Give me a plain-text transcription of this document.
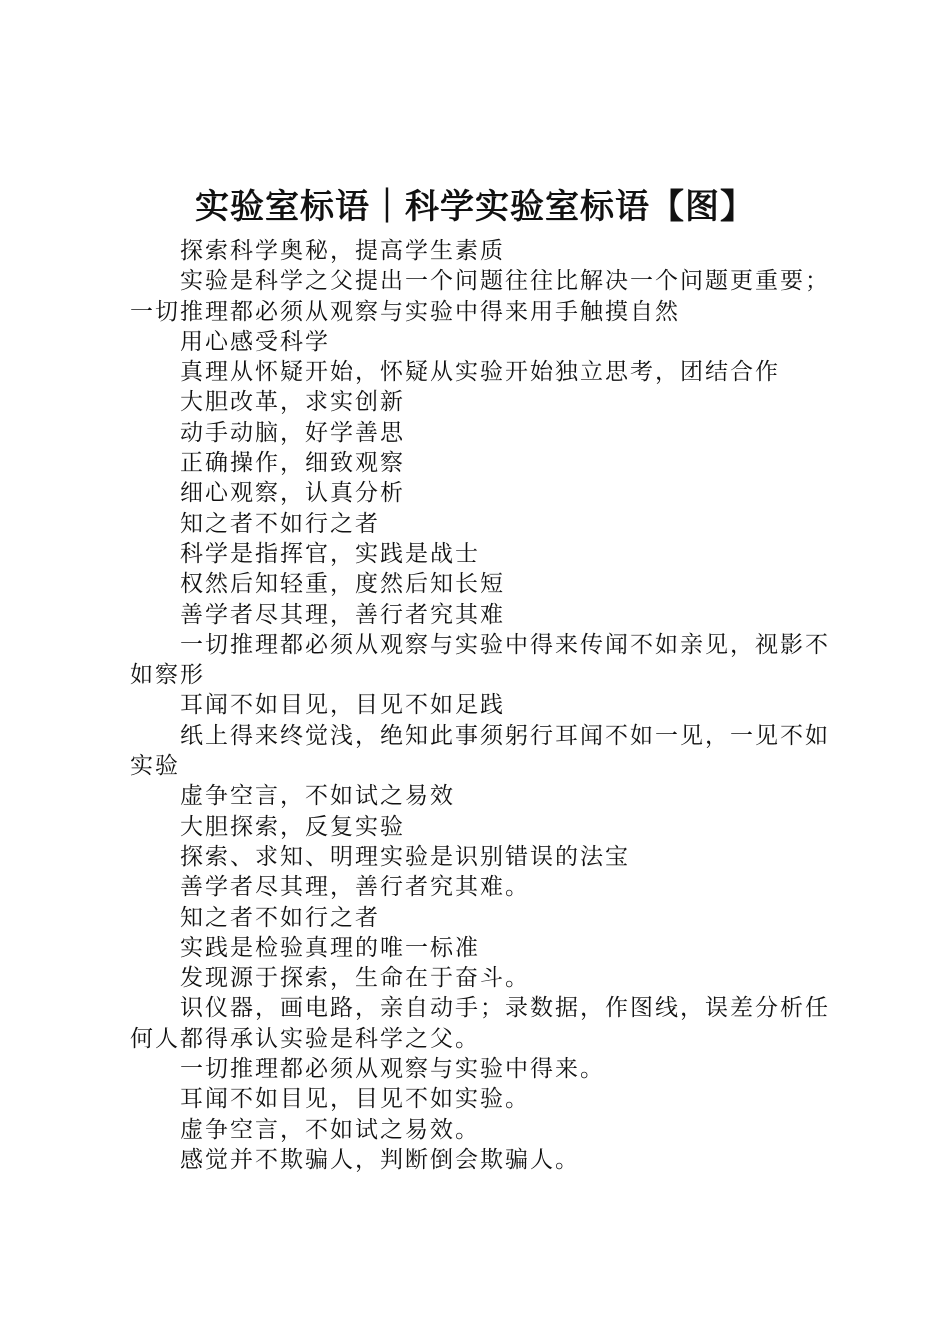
实验室标语｜科学实验室标语【图】

探索科学奥秘，提高学生素质

实验是科学之父提出一个问题往往比解决一个问题更重要；一切推理都必须从观察与实验中得来用手触摸自然

用心感受科学

真理从怀疑开始，怀疑从实验开始独立思考，团结合作

大胆改革，求实创新

动手动脑，好学善思

正确操作，细致观察

细心观察，认真分析

知之者不如行之者

科学是指挥官，实践是战士

权然后知轻重，度然后知长短

善学者尽其理，善行者究其难

一切推理都必须从观察与实验中得来传闻不如亲见，视影不如察形

耳闻不如目见，目见不如足践

纸上得来终觉浅，绝知此事须躬行耳闻不如一见，一见不如实验

虚争空言，不如试之易效

大胆探索，反复实验

探索、求知、明理实验是识别错误的法宝

善学者尽其理，善行者究其难。

知之者不如行之者

实践是检验真理的唯一标准

发现源于探索，生命在于奋斗。

识仪器，画电路，亲自动手；录数据，作图线，误差分析任何人都得承认实验是科学之父。

一切推理都必须从观察与实验中得来。

耳闻不如目见，目见不如实验。

虚争空言，不如试之易效。

感觉并不欺骗人，判断倒会欺骗人。
